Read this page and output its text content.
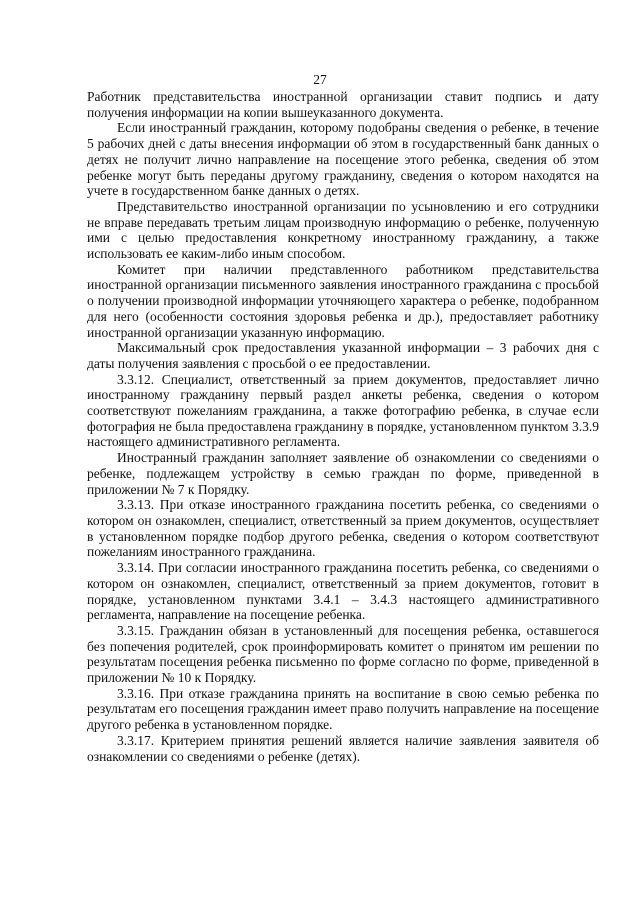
27

Работник представительства иностранной организации ставит подпись и дату получения информации на копии вышеуказанного документа.

Если иностранный гражданин, которому подобраны сведения о ребенке, в течение 5 рабочих дней с даты внесения информации об этом в государственный банк данных о детях не получит лично направление на посещение этого ребенка, сведения об этом ребенке могут быть переданы другому гражданину, сведения о котором находятся на учете в государственном банке данных о детях.

Представительство иностранной организации по усыновлению и его сотрудники не вправе передавать третьим лицам производную информацию о ребенке, полученную ими с целью предоставления конкретному иностранному гражданину, а также использовать ее каким-либо иным способом.

Комитет при наличии представленного работником представительства иностранной организации письменного заявления иностранного гражданина с просьбой о получении производной информации уточняющего характера о ребенке, подобранном для него (особенности состояния здоровья ребенка и др.), предоставляет работнику иностранной организации указанную информацию.

Максимальный срок предоставления указанной информации – 3 рабочих дня с даты получения заявления с просьбой о ее предоставлении.

3.3.12. Специалист, ответственный за прием документов, предоставляет лично иностранному гражданину первый раздел анкеты ребенка, сведения о котором соответствуют пожеланиям гражданина, а также фотографию ребенка, в случае если фотография не была предоставлена гражданину в порядке, установленном пунктом 3.3.9 настоящего административного регламента.

Иностранный гражданин заполняет заявление об ознакомлении со сведениями о ребенке, подлежащем устройству в семью граждан по форме, приведенной в приложении № 7 к Порядку.

3.3.13. При отказе иностранного гражданина посетить ребенка, со сведениями о котором он ознакомлен, специалист, ответственный за прием документов, осуществляет в установленном порядке подбор другого ребенка, сведения о котором соответствуют пожеланиям иностранного гражданина.

3.3.14. При согласии иностранного гражданина посетить ребенка, со сведениями о котором он ознакомлен, специалист, ответственный за прием документов, готовит в порядке, установленном пунктами 3.4.1 – 3.4.3 настоящего административного регламента, направление на посещение ребенка.

3.3.15. Гражданин обязан в установленный для посещения ребенка, оставшегося без попечения родителей, срок проинформировать комитет о принятом им решении по результатам посещения ребенка письменно по форме согласно по форме, приведенной в приложении № 10 к Порядку.

3.3.16. При отказе гражданина принять на воспитание в свою семью ребенка по результатам его посещения гражданин имеет право получить направление на посещение другого ребенка в установленном порядке.

3.3.17. Критерием принятия решений является наличие заявления заявителя об ознакомлении со сведениями о ребенке (детях).
